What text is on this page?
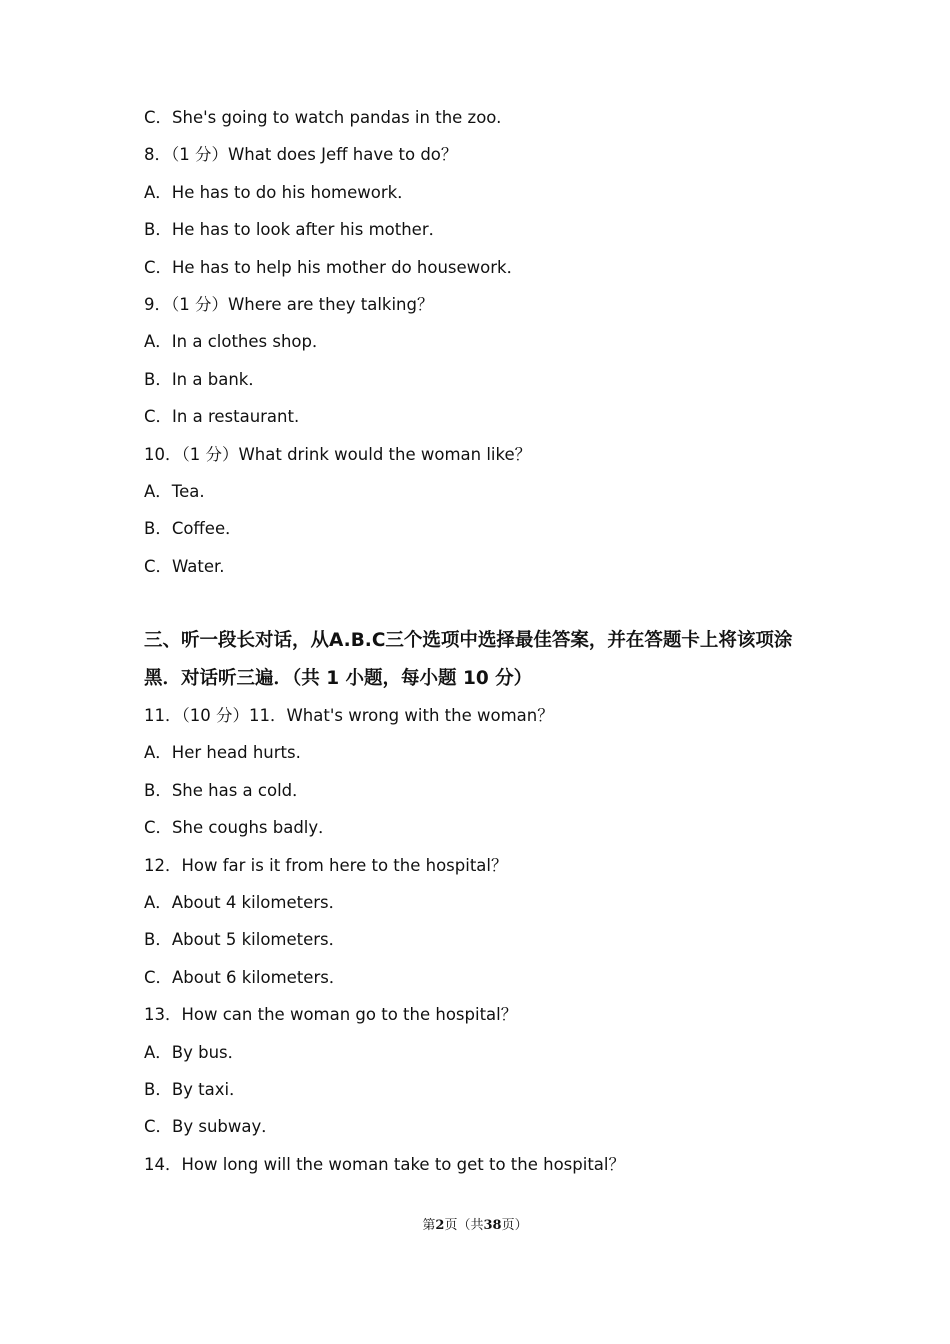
C．She's going to watch pandas in the zoo.
8．（1 分）What does Jeff have to do？
A．He has to do his homework．
B．He has to look after his mother．
C．He has to help his mother do housework．
9．（1 分）Where are they talking？
A．In a clothes shop．
B．In a bank．
C．In a restaurant.
10．（1 分）What drink would the woman like？
A．Tea.
B．Coffee．
C．Water.
三、听一段长对话，从A.B.C三个选项中选择最佳答案，并在答题卡上将该项涂黑．对话听三遍．（共 1 小题，每小题 10 分）
11．（10 分）11．What's wrong with the woman？
A．Her head hurts.
B．She has a cold．
C．She coughs badly．
12．How far is it from here to the hospital？
A．About 4 kilometers．
B．About 5 kilometers．
C．About 6 kilometers．
13．How can the woman go to the hospital？
A．By bus．
B．By taxi．
C．By subway．
14．How long will the woman take to get to the hospital？
第2页（共38页）
